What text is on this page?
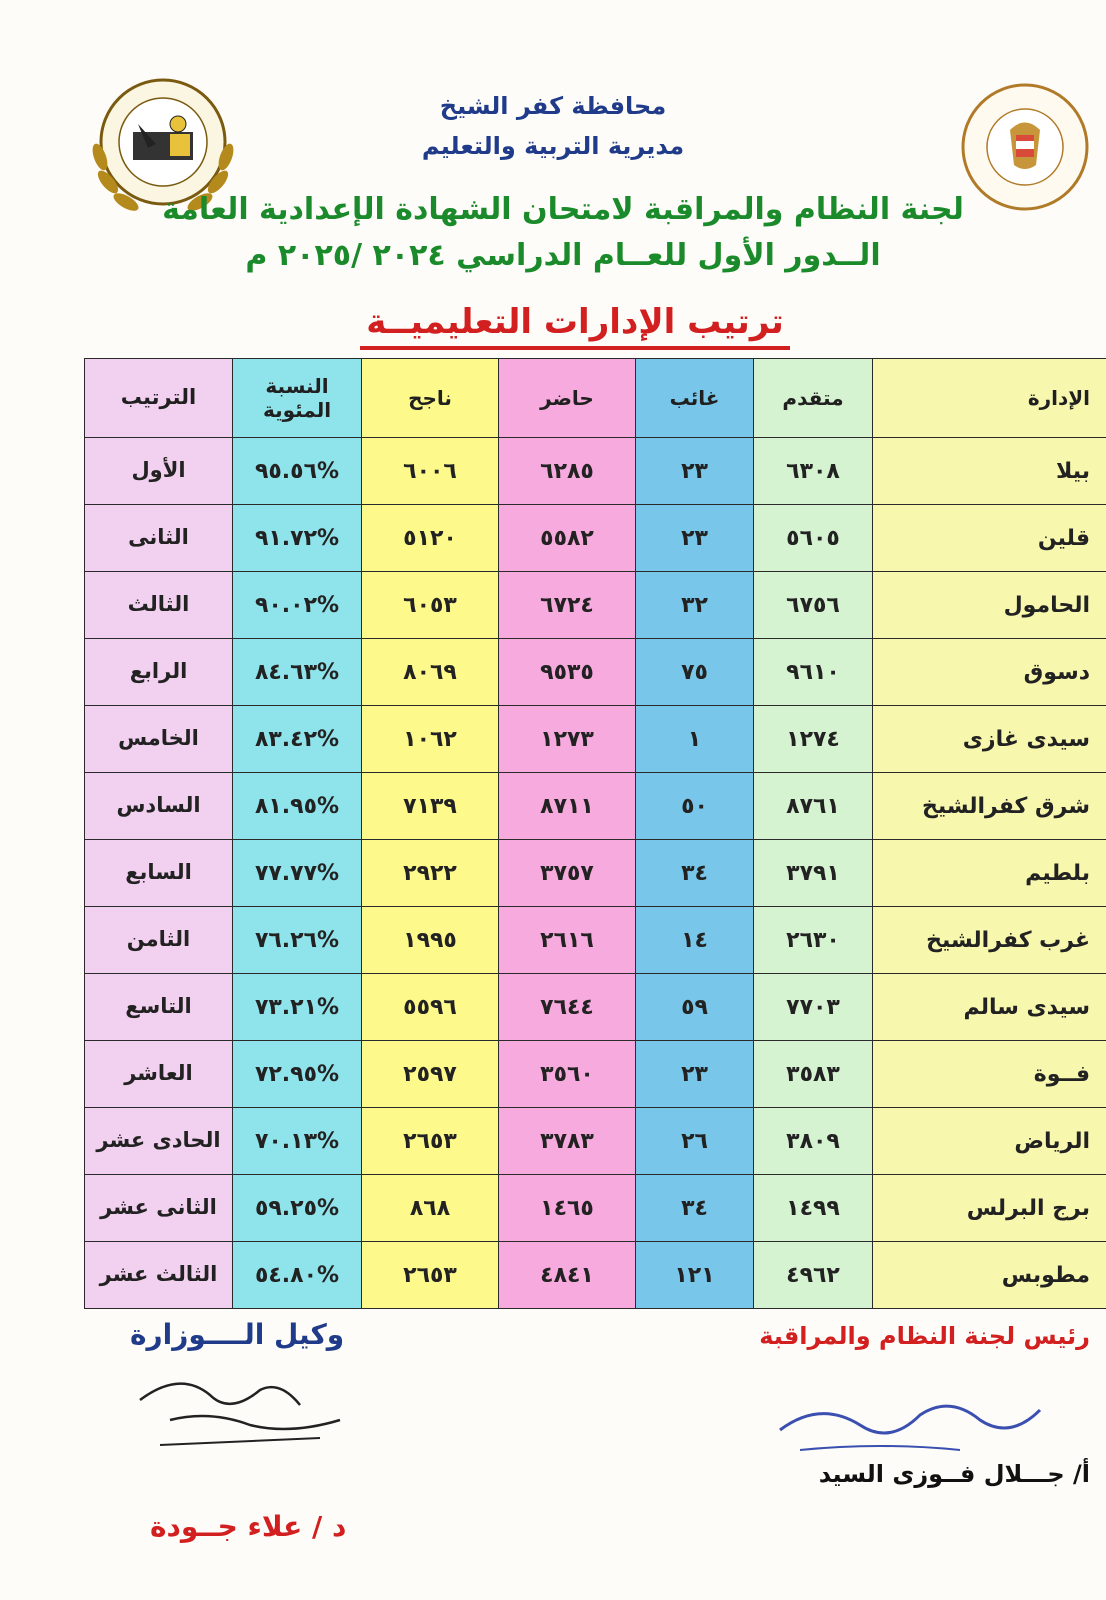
محافظة كفر الشيخ
مديرية التربية والتعليم
لجنة النظام والمراقبة لامتحان الشهادة الإعدادية العامة
الــدور الأول للعــام الدراسي ٢٠٢٤ /٢٠٢٥ م
ترتيب الإدارات التعليميــة
الإدارة	متقدم	غائب	حاضر	ناجح	النسبة المئوية	الترتيب
بيلا	٦٣٠٨	٢٣	٦٢٨٥	٦٠٠٦	%٩٥.٥٦	الأول
قلين	٥٦٠٥	٢٣	٥٥٨٢	٥١٢٠	%٩١.٧٢	الثانى
الحامول	٦٧٥٦	٣٢	٦٧٢٤	٦٠٥٣	%٩٠.٠٢	الثالث
دسوق	٩٦١٠	٧٥	٩٥٣٥	٨٠٦٩	%٨٤.٦٣	الرابع
سيدى غازى	١٢٧٤	١	١٢٧٣	١٠٦٢	%٨٣.٤٢	الخامس
شرق كفرالشيخ	٨٧٦١	٥٠	٨٧١١	٧١٣٩	%٨١.٩٥	السادس
بلطيم	٣٧٩١	٣٤	٣٧٥٧	٢٩٢٢	%٧٧.٧٧	السابع
غرب كفرالشيخ	٢٦٣٠	١٤	٢٦١٦	١٩٩٥	%٧٦.٢٦	الثامن
سيدى سالم	٧٧٠٣	٥٩	٧٦٤٤	٥٥٩٦	%٧٣.٢١	التاسع
فــوة	٣٥٨٣	٢٣	٣٥٦٠	٢٥٩٧	%٧٢.٩٥	العاشر
الرياض	٣٨٠٩	٢٦	٣٧٨٣	٢٦٥٣	%٧٠.١٣	الحادى عشر
برج البرلس	١٤٩٩	٣٤	١٤٦٥	٨٦٨	%٥٩.٢٥	الثانى عشر
مطوبس	٤٩٦٢	١٢١	٤٨٤١	٢٦٥٣	%٥٤.٨٠	الثالث عشر
وكيل الــــوزارة	رئيس لجنة النظام والمراقبة
أ/ جـــلال فــوزى السيد
د / علاء جــودة
